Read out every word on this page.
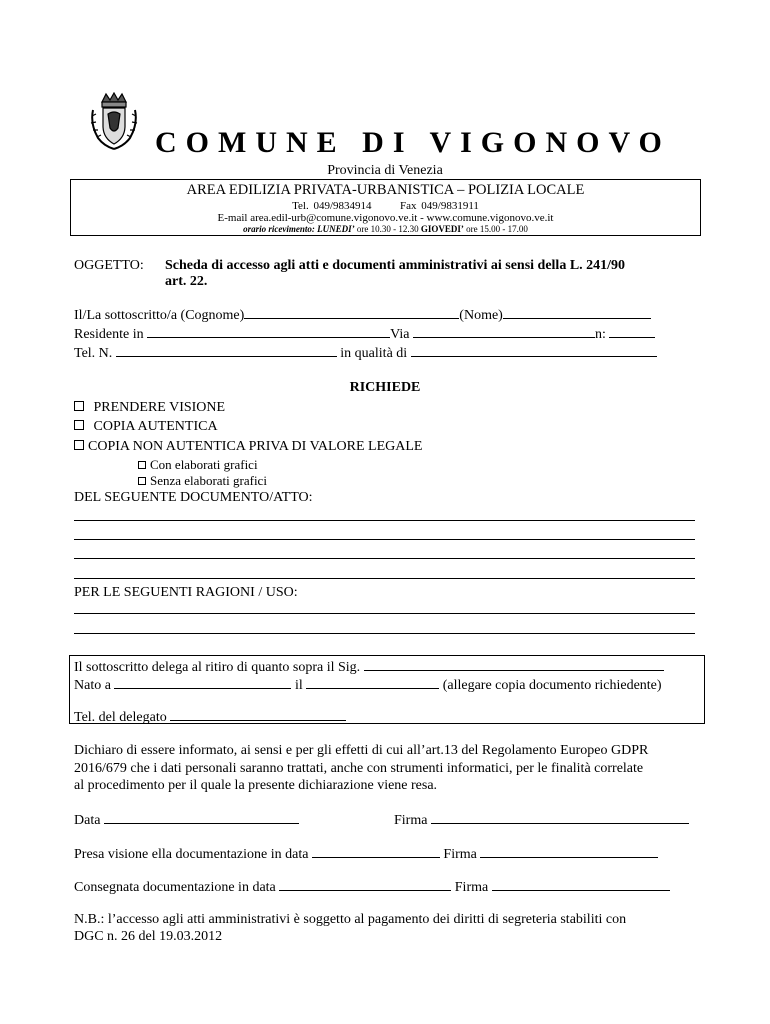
COMUNE DI VIGONOVO
Provincia di Venezia
AREA EDILIZIA PRIVATA-URBANISTICA – POLIZIA LOCALE
Tel. 049/9834914	Fax 049/9831911
E-mail area.edil-urb@comune.vigonovo.ve.it - www.comune.vigonovo.ve.it
orario ricevimento: LUNEDI’ ore 10.30 - 12.30 GIOVEDI’ ore 15.00 - 17.00
OGGETTO: Scheda di accesso agli atti e documenti amministrativi ai sensi della L. 241/90
art. 22.
Il/La sottoscritto/a (Cognome)	(Nome)
Residente in	Via	n:
Tel. N.	in qualità di
RICHIEDE
PRENDERE VISIONE
COPIA AUTENTICA
COPIA NON AUTENTICA PRIVA DI VALORE LEGALE
Con elaborati grafici
Senza elaborati grafici
DEL SEGUENTE DOCUMENTO/ATTO:
PER LE SEGUENTI RAGIONI / USO:
Il sottoscritto delega al ritiro di quanto sopra il Sig.
Nato a	il	(allegare copia documento richiedente)
Tel. del delegato
Dichiaro di essere informato, ai sensi e per gli effetti di cui all’art.13 del Regolamento Europeo GDPR
2016/679 che i dati personali saranno trattati, anche con strumenti informatici, per le finalità correlate
al procedimento per il quale la presente dichiarazione viene resa.
Data	Firma
Presa visione ella documentazione in data	Firma
Consegnata documentazione in data	Firma
N.B.: l’accesso agli atti amministrativi è soggetto al pagamento dei diritti di segreteria stabiliti con
DGC n. 26 del 19.03.2012
